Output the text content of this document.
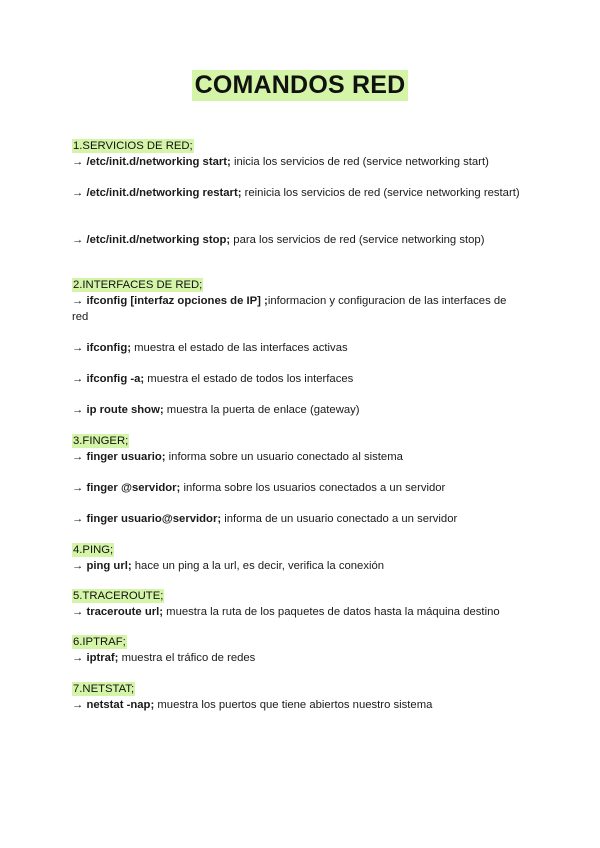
COMANDOS RED
1.SERVICIOS DE RED;
→ /etc/init.d/networking start; inicia los servicios de red (service networking start)
→ /etc/init.d/networking restart; reinicia los servicios de red (service networking restart)
→ /etc/init.d/networking stop; para los servicios de red (service networking stop)
2.INTERFACES DE RED;
→ ifconfig [interfaz opciones de IP] ;informacion y configuracion de las interfaces de red
→ ifconfig; muestra el estado de las interfaces activas
→ ifconfig -a; muestra el estado de todos los interfaces
→ ip route show; muestra la puerta de enlace (gateway)
3.FINGER;
→ finger usuario; informa sobre un usuario conectado al sistema
→ finger @servidor; informa sobre los usuarios conectados a un servidor
→ finger usuario@servidor; informa de un usuario conectado a un servidor
4.PING;
→ ping url; hace un ping a la url, es decir, verifica la conexión
5.TRACEROUTE;
→ traceroute url; muestra la ruta de los paquetes de datos hasta la máquina destino
6.IPTRAF;
→ iptraf; muestra el tráfico de redes
7.NETSTAT;
→ netstat -nap; muestra los puertos que tiene abiertos nuestro sistema
